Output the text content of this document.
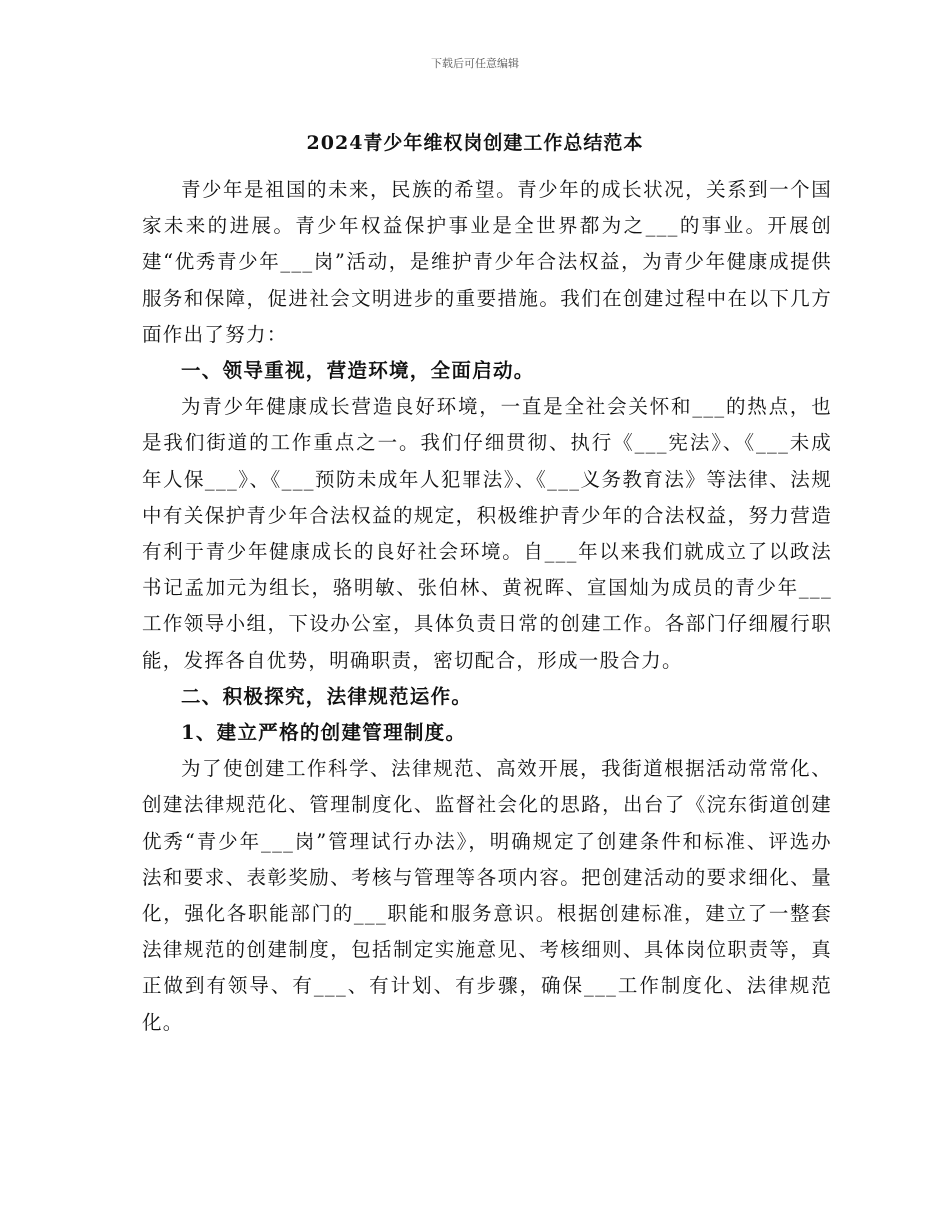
下载后可任意编辑
2024青少年维权岗创建工作总结范本

青少年是祖国的未来，民族的希望。青少年的成长状况，关系到一个国家未来的进展。青少年权益保护事业是全世界都为之___的事业。开展创建“优秀青少年___岗”活动，是维护青少年合法权益，为青少年健康成提供服务和保障，促进社会文明进步的重要措施。我们在创建过程中在以下几方面作出了努力：

一、领导重视，营造环境，全面启动。

为青少年健康成长营造良好环境，一直是全社会关怀和___的热点，也是我们街道的工作重点之一。我们仔细贯彻、执行《___宪法》、《___未成年人保___》、《___预防未成年人犯罪法》、《___义务教育法》等法律、法规中有关保护青少年合法权益的规定，积极维护青少年的合法权益，努力营造有利于青少年健康成长的良好社会环境。自___年以来我们就成立了以政法书记孟加元为组长，骆明敏、张伯林、黄祝晖、宣国灿为成员的青少年___工作领导小组，下设办公室，具体负责日常的创建工作。各部门仔细履行职能，发挥各自优势，明确职责，密切配合，形成一股合力。

二、积极探究，法律规范运作。

1、建立严格的创建管理制度。

为了使创建工作科学、法律规范、高效开展，我街道根据活动常常化、创建法律规范化、管理制度化、监督社会化的思路，出台了《浣东街道创建优秀“青少年___岗”管理试行办法》，明确规定了创建条件和标准、评选办法和要求、表彰奖励、考核与管理等各项内容。把创建活动的要求细化、量化，强化各职能部门的___职能和服务意识。根据创建标准，建立了一整套法律规范的创建制度，包括制定实施意见、考核细则、具体岗位职责等，真正做到有领导、有___、有计划、有步骤，确保___工作制度化、法律规范化。
